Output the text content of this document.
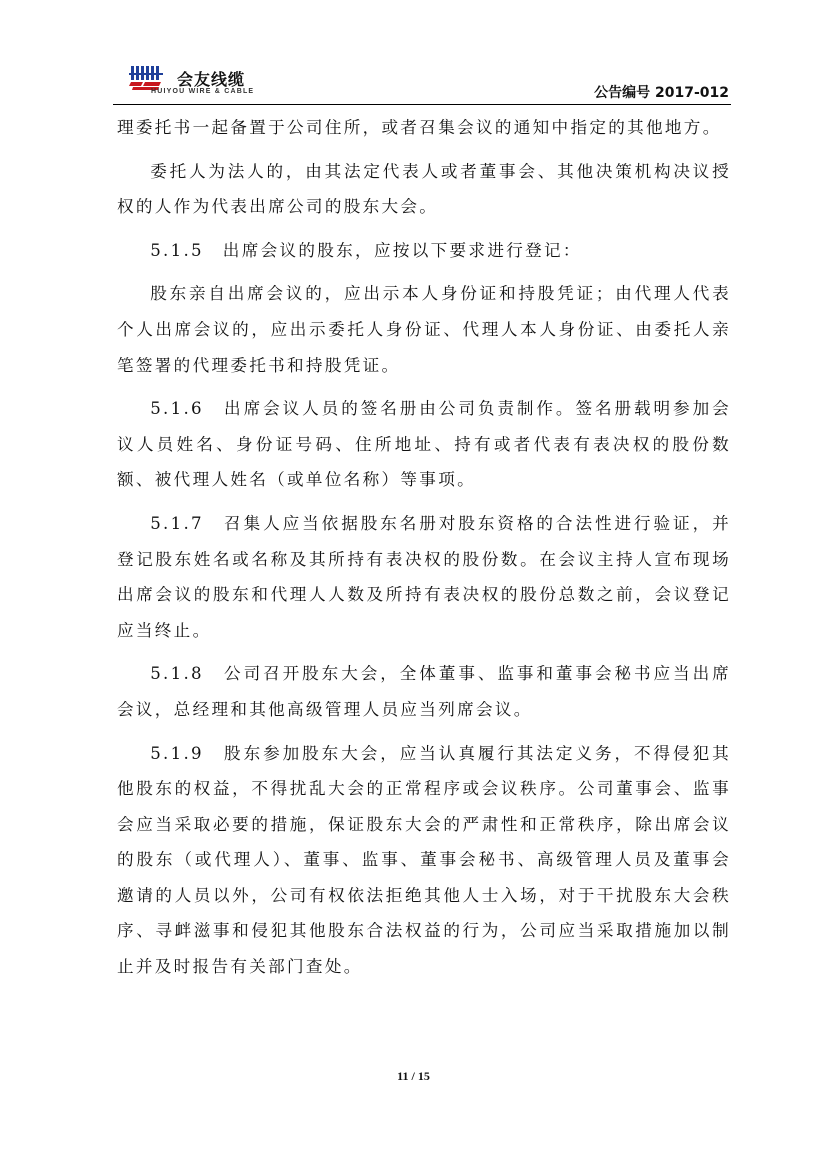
会友线缆
HUIYOU WIRE & CABLE	公告编号 2017-012

理委托书一起备置于公司住所，或者召集会议的通知中指定的其他地方。

委托人为法人的，由其法定代表人或者董事会、其他决策机构决议授权的人作为代表出席公司的股东大会。

5.1.5　出席会议的股东，应按以下要求进行登记：

股东亲自出席会议的，应出示本人身份证和持股凭证；由代理人代表个人出席会议的，应出示委托人身份证、代理人本人身份证、由委托人亲笔签署的代理委托书和持股凭证。

5.1.6　出席会议人员的签名册由公司负责制作。签名册载明参加会议人员姓名、身份证号码、住所地址、持有或者代表有表决权的股份数额、被代理人姓名（或单位名称）等事项。

5.1.7　召集人应当依据股东名册对股东资格的合法性进行验证，并登记股东姓名或名称及其所持有表决权的股份数。在会议主持人宣布现场出席会议的股东和代理人人数及所持有表决权的股份总数之前，会议登记应当终止。

5.1.8　公司召开股东大会，全体董事、监事和董事会秘书应当出席会议，总经理和其他高级管理人员应当列席会议。

5.1.9　股东参加股东大会，应当认真履行其法定义务，不得侵犯其他股东的权益，不得扰乱大会的正常程序或会议秩序。公司董事会、监事会应当采取必要的措施，保证股东大会的严肃性和正常秩序，除出席会议的股东（或代理人）、董事、监事、董事会秘书、高级管理人员及董事会邀请的人员以外，公司有权依法拒绝其他人士入场，对于干扰股东大会秩序、寻衅滋事和侵犯其他股东合法权益的行为，公司应当采取措施加以制止并及时报告有关部门查处。

11 / 15
